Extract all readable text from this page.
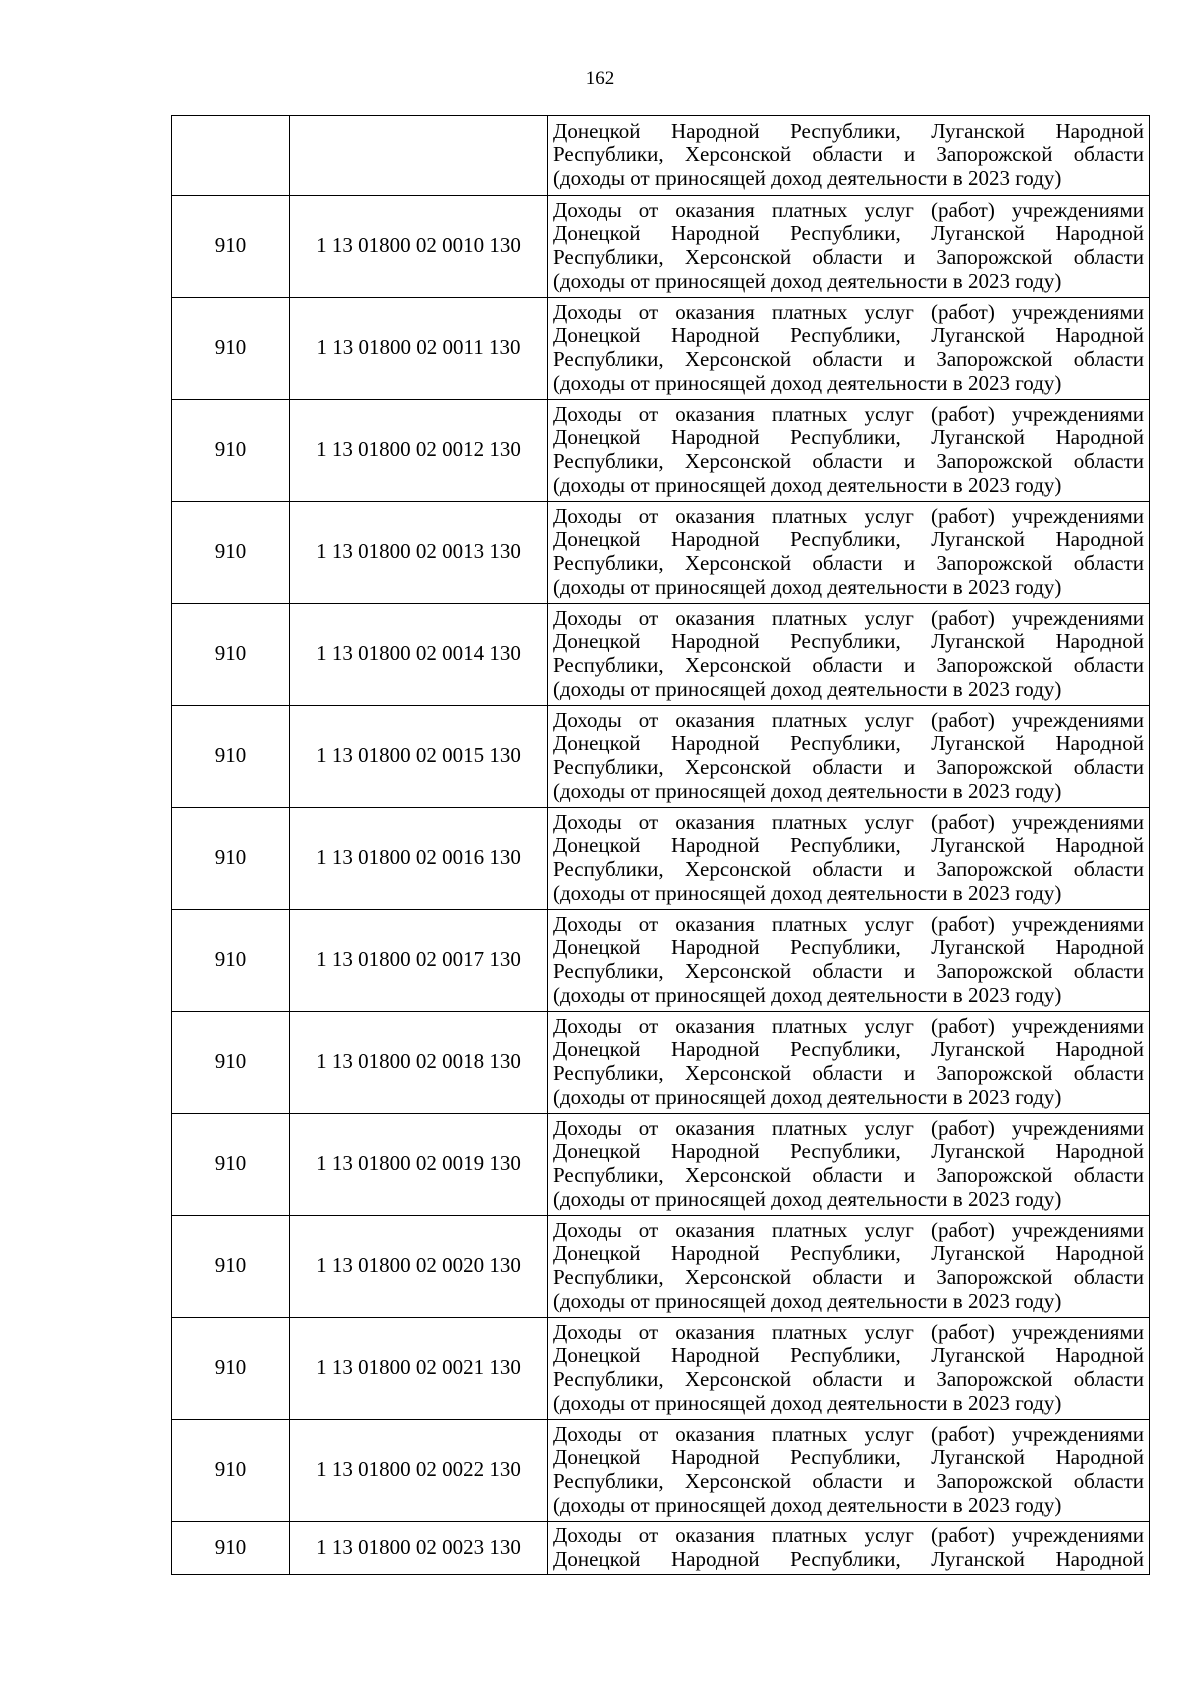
162

		Донецкой Народной Республики, Луганской Народной
Республики, Херсонской области и Запорожской области
(доходы от приносящей доход деятельности в 2023 году)

910	1 13 01800 02 0010 130	Доходы от оказания платных услуг (работ) учреждениями
Донецкой Народной Республики, Луганской Народной
Республики, Херсонской области и Запорожской области
(доходы от приносящей доход деятельности в 2023 году)

910	1 13 01800 02 0011 130	Доходы от оказания платных услуг (работ) учреждениями
Донецкой Народной Республики, Луганской Народной
Республики, Херсонской области и Запорожской области
(доходы от приносящей доход деятельности в 2023 году)

910	1 13 01800 02 0012 130	Доходы от оказания платных услуг (работ) учреждениями
Донецкой Народной Республики, Луганской Народной
Республики, Херсонской области и Запорожской области
(доходы от приносящей доход деятельности в 2023 году)

910	1 13 01800 02 0013 130	Доходы от оказания платных услуг (работ) учреждениями
Донецкой Народной Республики, Луганской Народной
Республики, Херсонской области и Запорожской области
(доходы от приносящей доход деятельности в 2023 году)

910	1 13 01800 02 0014 130	Доходы от оказания платных услуг (работ) учреждениями
Донецкой Народной Республики, Луганской Народной
Республики, Херсонской области и Запорожской области
(доходы от приносящей доход деятельности в 2023 году)

910	1 13 01800 02 0015 130	Доходы от оказания платных услуг (работ) учреждениями
Донецкой Народной Республики, Луганской Народной
Республики, Херсонской области и Запорожской области
(доходы от приносящей доход деятельности в 2023 году)

910	1 13 01800 02 0016 130	Доходы от оказания платных услуг (работ) учреждениями
Донецкой Народной Республики, Луганской Народной
Республики, Херсонской области и Запорожской области
(доходы от приносящей доход деятельности в 2023 году)

910	1 13 01800 02 0017 130	Доходы от оказания платных услуг (работ) учреждениями
Донецкой Народной Республики, Луганской Народной
Республики, Херсонской области и Запорожской области
(доходы от приносящей доход деятельности в 2023 году)

910	1 13 01800 02 0018 130	Доходы от оказания платных услуг (работ) учреждениями
Донецкой Народной Республики, Луганской Народной
Республики, Херсонской области и Запорожской области
(доходы от приносящей доход деятельности в 2023 году)

910	1 13 01800 02 0019 130	Доходы от оказания платных услуг (работ) учреждениями
Донецкой Народной Республики, Луганской Народной
Республики, Херсонской области и Запорожской области
(доходы от приносящей доход деятельности в 2023 году)

910	1 13 01800 02 0020 130	Доходы от оказания платных услуг (работ) учреждениями
Донецкой Народной Республики, Луганской Народной
Республики, Херсонской области и Запорожской области
(доходы от приносящей доход деятельности в 2023 году)

910	1 13 01800 02 0021 130	Доходы от оказания платных услуг (работ) учреждениями
Донецкой Народной Республики, Луганской Народной
Республики, Херсонской области и Запорожской области
(доходы от приносящей доход деятельности в 2023 году)

910	1 13 01800 02 0022 130	Доходы от оказания платных услуг (работ) учреждениями
Донецкой Народной Республики, Луганской Народной
Республики, Херсонской области и Запорожской области
(доходы от приносящей доход деятельности в 2023 году)

910	1 13 01800 02 0023 130	Доходы от оказания платных услуг (работ) учреждениями
Донецкой Народной Республики, Луганской Народной
